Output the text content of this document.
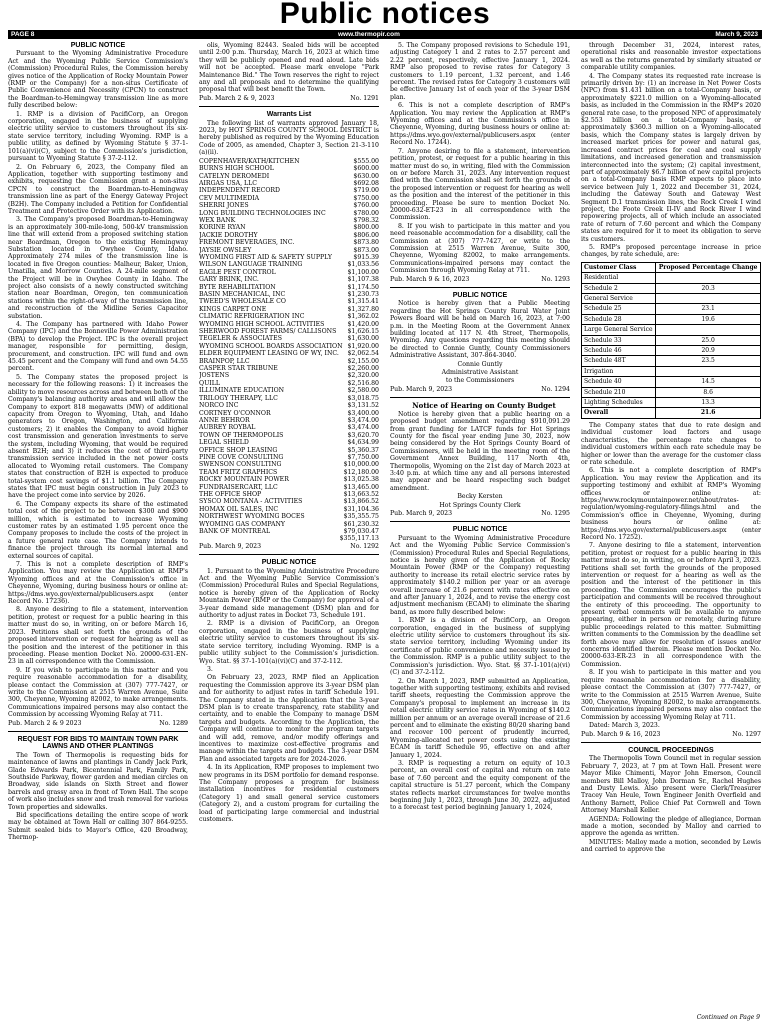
Public notices
PAGE 8	www.thermopir.com	March 9, 2023

PUBLIC NOTICE

Pursuant to the Wyoming Administrative Procedure Act and the Wyoming Public Service Commission's (Commission) Procedural Rules, the Commission hereby gives notice of the Application of Rocky Mountain Power (RMP or the Company) for a non-situs Certificate of Public Convenience and Necessity (CPCN) to construct the Boardman-to-Hemingway transmission line as more fully described below:

1. RMP is a division of PacifiCorp, an Oregon corporation, engaged in the business of supplying electric utility service to customers throughout its six-state service territory, including Wyoming. RMP is a public utility, as defined by Wyoming Statute § 37-1-101(a)(vi)(C), subject to the Commission's jurisdiction, pursuant to Wyoming Statute § 37-2-112.

2. On February 6, 2023, the Company filed an Application, together with supporting testimony and exhibits, requesting the Commission grant a non-situs CPCN to construct the Boardman-to-Hemingway transmission line as part of the Energy Gateway Project (B2H). The Company included a Petition for Confidential Treatment and Protective Order with its Application.

3. The Company's proposed Boardman-to-Hemingway is an approximately 300-mile-long, 500-kV transmission line that will extend from a proposed switching station near Boardman, Oregon to the existing Hemingway Substation located in Owyhee County, Idaho. Approximately 274 miles of the transmission line is located in five Oregon counties: Malheur, Baker, Union, Umatilla, and Morrow Counties. A 24-mile segment of the Project will be in Owyhee County in Idaho. The project also consists of a newly constructed switching station near Boardman, Oregon, ten communication stations within the right-of-way of the transmission line, and reconstruction of the Midline Series Capacitor substation.

4. The Company has partnered with Idaho Power Company (IPC) and the Bonneville Power Administration (BPA) to develop the Project. IPC is the overall project manager, responsible for permitting, design, procurement, and construction. IPC will fund and own 45.45 percent and the Company will fund and own 54.55 percent.

5. The Company states the proposed project is necessary for the following reasons: 1) it increases the ability to move resources across and between both of the Company's balancing authority areas and will allow the Company to export 818 megawatts (MW) of additional capacity from Oregon to Wyoming, Utah, and Idaho generators to Oregon, Washington, and California customers; 2) it enables the Company to avoid higher cost transmission and generation investments to serve the system, including Wyoming, that would be required absent B2H; and 3) it reduces the cost of third-party transmission service included in the net power costs allocated to Wyoming retail customers. The Company states that construction of B2H is expected to produce total-system cost savings of $1.1 billion. The Company states that IPC must begin construction in July 2023 to have the project come into service by 2026.

6. The Company expects its share of the estimated total cost of the project to be between $300 and $900 million, which is estimated to increase Wyoming customer rates by an estimated 1.95 percent once the Company proposes to include the costs of the project in a future general rate case. The Company intends to finance the project through its normal internal and external sources of capital.

7. This is not a complete description of RMP's Application. You may review the Application at RMP's Wyoming offices and at the Commission's office in Cheyenne, Wyoming, during business hours or online at: https://dms.wyo.gov/external/publicusers.aspx (enter Record No. 17236).

8. Anyone desiring to file a statement, intervention petition, protest or request for a public hearing in this matter must do so, in writing, on or before March 16, 2023. Petitions shall set forth the grounds of the proposed intervention or request for hearing as well as the position and the interest of the petitioner in this proceeding. Please mention Docket No. 20000-631-EN-23 in all correspondence with the Commission.

9. If you wish to participate in this matter and you require reasonable accommodation for a disability, please contact the Commission at (307) 777-7427, or write to the Commission at 2515 Warren Avenue, Suite 300, Cheyenne, Wyoming 82002, to make arrangements. Communications impaired persons may also contact the Commission by accessing Wyoming Relay at 711.

Pub. March 2 & 9 2023	No. 1289

REQUEST FOR BIDS TO MAINTAIN TOWN PARK LAWNS AND OTHER PLANTINGS

The Town of Thermopolis is requesting bids for maintenance of lawns and plantings in Candy Jack Park, Glade Edwards Park, Bicentennial Park, Family Park, Southside Parkway, flower garden and median circles on Broadway, side islands on Sixth Street and flower barrels and grassy area in front of Town Hall. The scope of work also includes snow and trash removal for various Town properties and sidewalks.

Bid specifications detailing the entire scope of work may be obtained at Town Hall or calling 307 864-9255. Submit sealed bids to Mayor's Office, 420 Broadway, Thermop-

olis, Wyoming 82443. Sealed bids will be accepted until 2:00 p.m. Thursday, March 16, 2023 at which time they will be publicly opened and read aloud. Late bids will not be accepted. Please mark envelope "Park Maintenance Bid." The Town reserves the right to reject any and all proposals and to determine the qualifying proposal that will best benefit the Town.

Pub. March 2 & 9, 2023	No. 1291

Warrants List

The following list of warrants approved January 18, 2023, by HOT SPRINGS COUNTY SCHOOL DISTRICT is hereby published as required by the Wyoming Education Code of 2005, as amended, Chapter 3, Section 21-3-110 (a)(ii).

COPENHAVER/KATH/KITCHEN	$555.00
BURNS HIGH SCHOOL	$600.00
CATELYN DEROMEDI	$630.00
AIRGAS USA, LLC	$692.08
INDEPENDENT RECORD	$719.00
CEV MULTIMEDIA	$750.00
SHERRI JONES	$760.00
LONG BUILDING TECHNOLOGIES INC	$780.00
WEX BANK	$798.32
KORINE RYAN	$800.00
JACKIE DOROTHY	$806.00
FREMONT BEVERAGES, INC.	$873.80
JAYSIE OWSLEY	$873.00
WYOMING FIRST AID & SAFETY SUPPLY	$915.39
WILSON LANGUAGE TRAINING	$1,033.56
EAGLE PEST CONTROL	$1,100.00
GARY BRINK, INC.	$1,107.38
BYTE REHABILITATION	$1,174.50
BASIN MECHANICAL, INC	$1,230.73
TWEED'S WHOLESALE CO	$1,315.41
KINGS CARPET ONE	$1,327.80
CLIMATIC REFRIGERATION INC	$1,362.02
WYOMING HIGH SCHOOL ACTIVITIES	$1,420.00
SHERWOOD FOREST FARMS/ CALLISONS	$1,626.15
TEGELER & ASSOCIATES	$1,630.00
WYOMING SCHOOL BOARDS ASSOCIATION $1,920.00
ELDER EQUIPMENT LEASING OF WY, INC.	$2,062.54
BRAINPOP, LLC	$2,155.00
CASPER STAR TRIBUNE	$2,260.00
JOSTENS	$2,320.00
QUILL	$2,516.80
ILLUMINATE EDUCATION	$2,580.00
TRILOGY THERAPY, LLC	$3,018.75
NORCO INC	$3,131.52
CORTNEY O'CONNOR	$3,400.00
ANNE BEHROR	$3,474.00
AUBREY ROYBAL	$3,474.00
TOWN OF THERMOPOLIS	$3,620.70
LEGAL SHIELD	$4,634.99
OFFICE SHOP LEASING	$5,360.37
PINE COVE CONSULTING	$7,750.00
SWENSON CONSULTING	$10,000.00
TEAM FRITZ GRAPHICS	$12,180.00
ROCKY MOUNTAIN POWER	$13,025.38
FUNDRAISERCART, LLC	$13,465.00
THE OFFICE SHOP	$13,663.52
SYSCO MONTANA - ACTIVITIES	$13,866.52
HOMAX OIL SALES, INC	$31,104.36
NORTHWEST WYOMING BOCES	$35,355.75
WYOMING GAS COMPANY	$61,230.32
BANK OF MONTREAL	$79,030.47
$355,117.13

Pub. March 9, 2023	No. 1292

PUBLIC NOTICE

1. Pursuant to the Wyoming Administrative Procedure Act and the Wyoming Public Service Commission's (Commission) Procedural Rules and Special Regulations, notice is hereby given of the Application of Rocky Mountain Power (RMP or the Company) for approval of a 3-year demand side management (DSM) plan and for authority to adjust rates in Docket 73, Schedule 191.

2. RMP is a division of PacifiCorp, an Oregon corporation, engaged in the business of supplying electric utility service to customers throughout its six-state service territory, including Wyoming. RMP is a public utility subject to the Commission's jurisdiction. Wyo. Stat. §§ 37-1-101(a)(vi)(C) and 37-2-112.

3.

On February 23, 2023, RMP filed an Application requesting the Commission approve its 3-year DSM plan and for authority to adjust rates in tariff Schedule 191. The Company stated in the Application that the 3-year DSM plan is to create transparency, rate stability and certainty, and to enable the Company to manage DSM targets and budgets. According to the Application, the Company will continue to monitor the program targets and will add, remove, and/or modify offerings and incentives to maximize cost-effective programs and manage within the targets and budgets. The 3-year DSM Plan and associated targets are for 2024-2026.

4. In its Application, RMP proposes to implement two new programs in its DSM portfolio for demand response. The Company proposes a program for business installation incentives for residential customers (Category 1) and small general service customers (Category 2), and a custom program for curtailing the load of participating large commercial and industrial customers.

5. The Company proposed revisions to Schedule 191, adjusting Category 1 and 2 rates to 2.57 percent and 2.22 percent, respectively, effective January 1, 2024. RMP also proposed to revise rates for Category 3 customers to 1.19 percent, 1.32 percent, and 1.46 percent. The revised rates for Category 3 customers will be effective January 1st of each year of the 3-year DSM plan.

6. This is not a complete description of RMP's Application. You may review the Application at RMP's Wyoming offices and at the Commission's office in Cheyenne, Wyoming, during business hours or online at: https://dms.wyo.gov/external/publicusers.aspx (enter Record No. 17244).

7. Anyone desiring to file a statement, intervention petition, protest, or request for a public hearing in this matter must do so, in writing, filed with the Commission on or before March 31, 2023. Any intervention request filed with the Commission shall set forth the grounds of the proposed intervention or request for hearing as well as the position and the interest of the petitioner in this proceeding. Please be sure to mention Docket No. 20000-632-ET-23 in all correspondence with the Commission.

8. If you wish to participate in this matter and you need reasonable accommodation for a disability, call the Commission at (307) 777-7427, or write to the Commission at 2515 Warren Avenue, Suite 300, Cheyenne, Wyoming 82002, to make arrangements. Communications-impaired persons may contact the Commission through Wyoming Relay at 711.

Pub. March 9 & 16, 2023	No. 1293

PUBLIC NOTICE

Notice is hereby given that a Public Meeting regarding the Hot Springs County Rural Water Joint Powers Board will be held on March 16, 2023, at 7:00 p.m. in the Meeting Room at the Government Annex building located at 117 N. 4th Street, Thermopolis, Wyoming. Any questions regarding this meeting should be directed to Connie Guntly, County Commissioners Administrative Assistant, 307-864-3040.

Connie Guntly

Administrative Assistant

to the Commissioners

Pub. March 9, 2023	No. 1294

Notice of Hearing on County Budget

Notice is hereby given that a public hearing on a proposed budget amendment regarding $910,091.29 from grant funding for LATCF funds for Hot Springs County for the fiscal year ending June 30, 2023, now being considered by the Hot Springs County Board of Commissioners, will be held in the meeting room of the Government Annex Building, 117 North 4th, Thermopolis, Wyoming on the 21st day of March 2023 at 3:40 p.m. at which time any and all persons interested may appear and be heard respecting such budget amendment.

Becky Kersten

Hot Springs County Clerk

Pub. March 9, 2023	No. 1295

PUBLIC NOTICE

Pursuant to the Wyoming Administrative Procedure Act and the Wyoming Public Service Commission's (Commission) Procedural Rules and Special Regulations, notice is hereby given of the Application of Rocky Mountain Power (RMP or the Company) requesting authority to increase its retail electric service rates by approximately $140.2 million per year or an average overall increase of 21.6 percent with rates effective on and after January 1, 2024, and to revise the energy cost adjustment mechanism (ECAM) to eliminate the sharing band, as more fully described below:

1. RMP is a division of PacifiCorp, an Oregon corporation, engaged in the business of supplying electric utility service to customers throughout its six-state service territory, including Wyoming under its certificate of public convenience and necessity issued by the Commission. RMP is a public utility subject to the Commission's jurisdiction. Wyo. Stat. §§ 37-1-101(a)(vi)(C) and 37-2-112.

2. On March 1, 2023, RMP submitted an Application, together with supporting testimony, exhibits and revised tariff sheets, requesting the Commission approve the Company's proposal to implement an increase in its retail electric utility service rates in Wyoming of $140.2 million per annum or an average overall increase of 21.6 percent and to eliminate the existing 80/20 sharing band and recover 100 percent of prudently incurred, Wyoming-allocated net power costs using the existing ECAM in tariff Schedule 95, effective on and after January 1, 2024.

3. RMP is requesting a return on equity of 10.3 percent, an overall cost of capital and return on rate base of 7.60 percent and the equity component of the capital structure is 51.27 percent, which the Company states reflects market circumstances for twelve months beginning July 1, 2023, through June 30, 2022, adjusted to a forecast test period beginning January 1, 2024,

through December 31, 2024, interest rates, operational risks and reasonable investor expectations as well as the returns generated by similarly situated or comparable utility companies.

4. The Company states its requested rate increase is primarily driven by: (1) an increase in Net Power Costs (NPC) from $1.431 billion on a total-Company basis, or approximately $221.0 million on a Wyoming-allocated basis, as included in the Commission in the RMP's 2020 general rate case, to the proposed NPC of approximately $2.553 billion on a total-Company basis, or approximately $360.3 million on a Wyoming-allocated basis, which the Company states is largely driven by increased market prices for power and natural gas, increased contract prices for coal and coal supply limitations, and increased generation and transmission interconnected into the system; (2) capital investment, part of approximately $6.7 billion of new capital projects on a total-Company basis RMP expects to place into service between July 1, 2022 and December 31, 2024, including the Gateway South and Gateway West Segment D.1 transmission lines, the Rock Creek I wind project, the Foote Creek II-IV and Rock River I wind repowering projects, all of which include an associated rate of return of 7.60 percent and which the Company states are required for it to meet its obligation to serve its customers.

5. RMP's proposed percentage increase in price changes, by rate schedule, are:

Customer Class	Proposed Percentage Change
Residential	
Schedule 2	20.3
General Service	
Schedule 25	23.1
Schedule 28	19.6
Large General Service	
Schedule 33	25.0
Schedule 46	20.9
Schedule 48T	23.5
Irrigation	
Schedule 40	14.5
Schedule 210	8.6
Lighting Schedules	13.3
Overall	21.6

The Company states that due to rate design and individual customer load factors and usage characteristics, the percentage rate changes to individual customers within each rate schedule may be higher or lower than the average for the customer class or rate schedule.

6. This is not a complete description of RMP's Application. You may review the Application and its supporting testimony and exhibit at RMP's Wyoming offices or online at: https://www.rockymountainpower.net/about/rates-regulation/wyoming-regulatory-filings.html and the Commission's office in Cheyenne, Wyoming, during business hours or online at: https://dms.wyo.gov/external/publicusers.aspx (enter Record No. 17252).

7. Anyone desiring to file a statement, intervention petition, protest or request for a public hearing in this matter must do so, in writing, on or before April 3, 2023. Petitions shall set forth the grounds of the proposed intervention or request for a hearing as well as the position and the interest of the petitioner in this proceeding. The Commission encourages the public's participation and comments will be received throughout the entirety of this proceeding. The opportunity to present verbal comments will be available to anyone appearing, either in person or remotely, during future public proceedings related to this matter. Submitting written comments to the Commission by the deadline set forth above may allow for resolution of issues and/or concerns identified therein. Please mention Docket No. 20000-633-ER-23 in all correspondence with the Commission.

8. If you wish to participate in this matter and you require reasonable accommodation for a disability, please contact the Commission at (307) 777-7427, or write to the Commission at 2515 Warren Avenue, Suite 300, Cheyenne, Wyoming 82002, to make arrangements. Communications impaired persons may also contact the Commission by accessing Wyoming Relay at 711.

Dated: March 3, 2023.

Pub. March 9 & 16, 2023	No. 1297

COUNCIL PROCEEDINGS

The Thermopolis Town Council met in regular session February 7, 2023, at 7 pm at Town Hall. Present were Mayor Mike Chimenti, Mayor John Emerson, Council members Bill Malloy, John Dorman Sr., Rachel Hughes and Dusty Lewis. Also present were Clerk/Treasurer Tracey Van Heule, Town Engineer Jenith Overfield and Anthony Barnett, Police Chief Pat Cornwell and Town Attorney Marshall Keller.

AGENDA: Following the pledge of allegiance, Dorman made a motion, seconded by Malloy and carried to approve the agenda as written.

MINUTES: Malloy made a motion, seconded by Lewis and carried to approve the

Continued on Page 9
